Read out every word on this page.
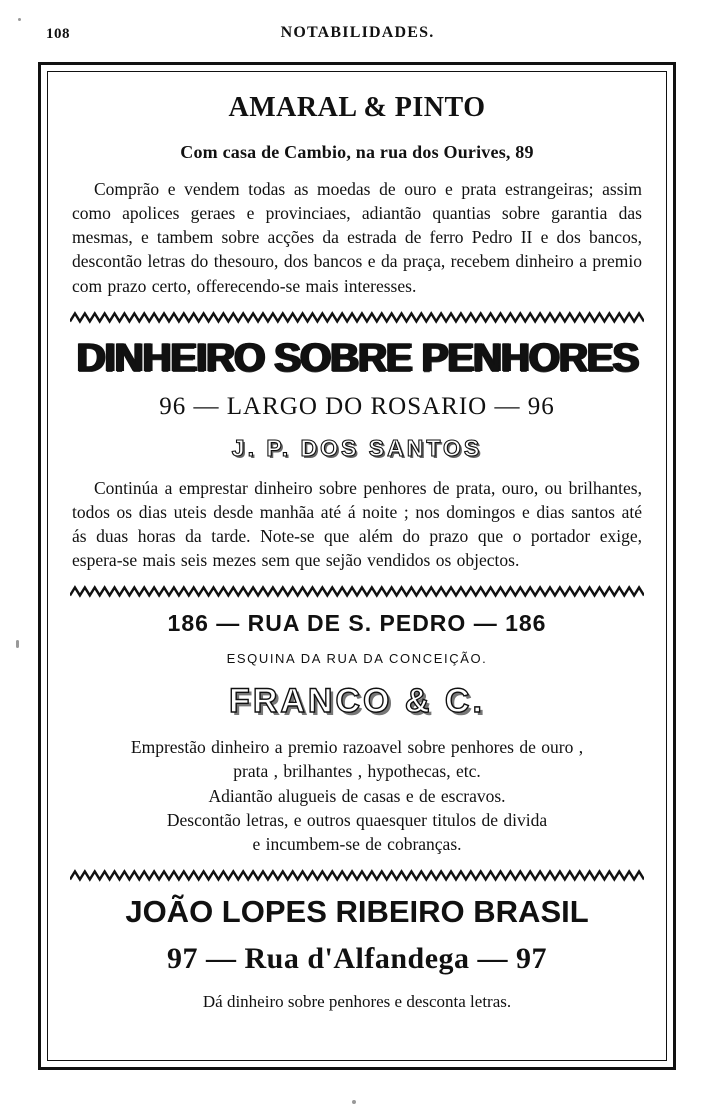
108	NOTABILIDADES.
AMARAL & PINTO
Com casa de Cambio, na rua dos Ourives, 89
Comprão e vendem todas as moedas de ouro e prata estrangeiras; assim como apolices geraes e provinciaes, adiantão quantias sobre garantia das mesmas, e tambem sobre acções da estrada de ferro Pedro II e dos bancos, descontão letras do thesouro, dos bancos e da praça, recebem dinheiro a premio com prazo certo, offerecendo-se mais interesses.
DINHEIRO SOBRE PENHORES
96 — LARGO DO ROSARIO — 96
J. P. DOS SANTOS
Continúa a emprestar dinheiro sobre penhores de prata, ouro, ou brilhantes, todos os dias uteis desde manhãa até á noite ; nos domingos e dias santos até ás duas horas da tarde. Note-se que além do prazo que o portador exige, espera-se mais seis mezes sem que sejão vendidos os objectos.
186 — RUA DE S. PEDRO — 186
ESQUINA DA RUA DA CONCEIÇÃO.
FRANCO & C.
Emprestão dinheiro a premio razoavel sobre penhores de ouro ,
prata , brilhantes , hypothecas, etc.
Adiantão alugueis de casas e de escravos.
Descontão letras, e outros quaesquer titulos de divida
e incumbem-se de cobranças.
JOÃO LOPES RIBEIRO BRASIL
97 — Rua d'Alfandega — 97
Dá dinheiro sobre penhores e desconta letras.
